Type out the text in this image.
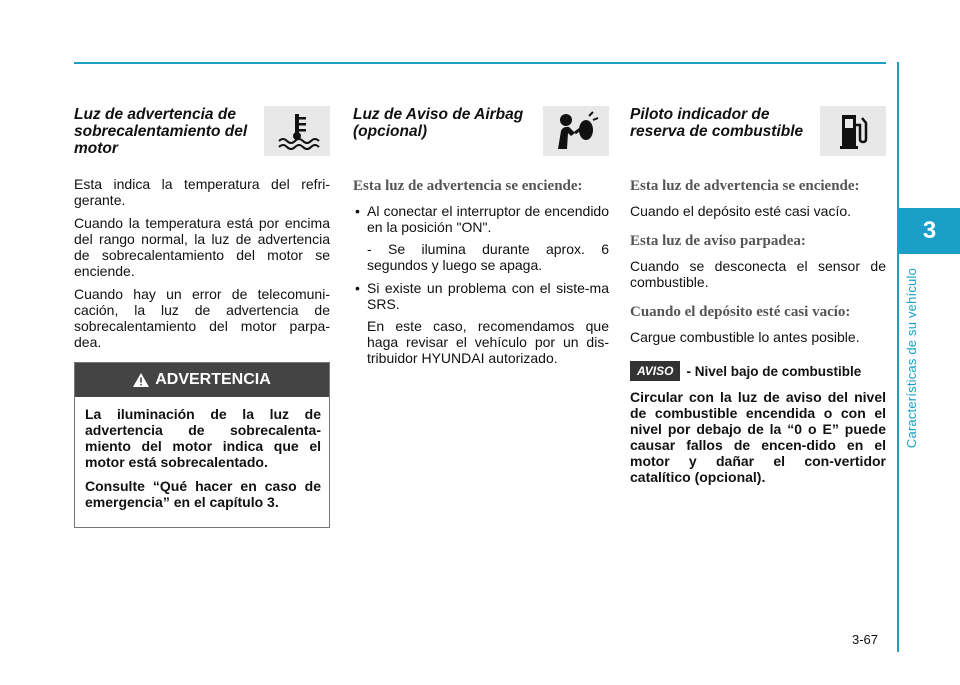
3
Características de su vehículo
Luz de advertencia de sobrecalentamiento del motor

Esta indica la temperatura del refri-gerante.

Cuando la temperatura está por encima del rango normal, la luz de advertencia de sobrecalentamiento del motor se enciende.

Cuando hay un error de telecomuni-cación, la luz de advertencia de sobrecalentamiento del motor parpa-dea.

ADVERTENCIA

La iluminación de la luz de advertencia de sobrecalenta-miento del motor indica que el motor está sobrecalentado.

Consulte “Qué hacer en caso de emergencia” en el capítulo 3.

Luz de Aviso de Airbag (opcional)
Esta luz de advertencia se enciende:
• Al conectar el interruptor de encendido en la posición "ON".

- Se ilumina durante aprox. 6 segundos y luego se apaga.

• Si existe un problema con el siste-ma SRS.

En este caso, recomendamos que haga revisar el vehículo por un dis-tribuidor HYUNDAI autorizado.

Piloto indicador de reserva de combustible
Esta luz de advertencia se enciende:

Cuando el depósito esté casi vacío.

Esta luz de aviso parpadea:

Cuando se desconecta el sensor de combustible.

Cuando el depósito esté casi vacío:

Cargue combustible lo antes posible.

AVISO - Nivel bajo de combustible

Circular con la luz de aviso del nivel de combustible encendida o con el nivel por debajo de la “0 o E” puede causar fallos de encen-dido en el motor y dañar el con-vertidor catalítico (opcional).

3-67
